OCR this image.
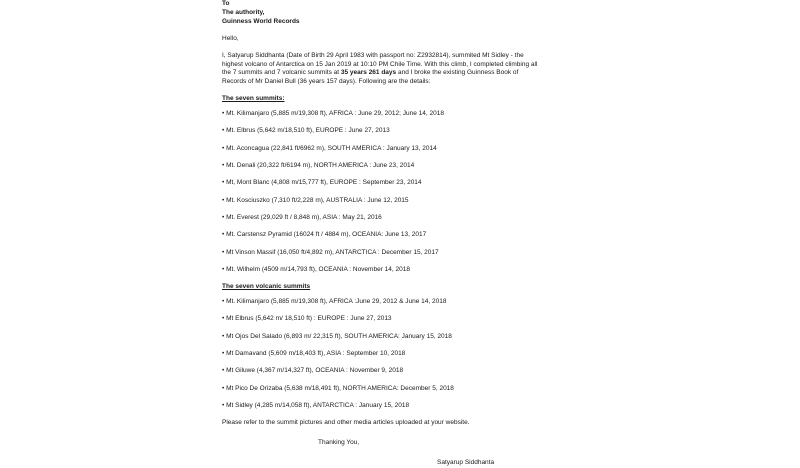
To
The authority,
Guinness World Records
Hello,
I, Satyarup Siddhanta (Date of Birth 29 April 1983 with passport no: Z2932814), summited Mt Sidley - the highest volcano of Antarctica on 15 Jan 2019 at 10:10 PM Chile Time. With this climb, I completed climbing all the 7 summits and 7 volcanic summits at 35 years 261 days and I broke the existing Guinness Book of Records of Mr Daniel Bull (36 years 157 days). Following are the details:
The seven summits:
• Mt. Kilimanjaro (5,885 m/19,308 ft), AFRICA : June 29, 2012; June 14, 2018
• Mt. Elbrus (5,642 m/18,510 ft), EUROPE : June 27, 2013
• Mt. Aconcagua (22,841 ft/6962 m), SOUTH AMERICA : January 13, 2014
• Mt. Denali (20,322 ft/6194 m), NORTH AMERICA : June 23, 2014
• Mt, Mont Blanc (4,808 m/15,777 ft), EUROPE : September 23, 2014
• Mt. Kosciuszko (7,310 ft/2,228 m), AUSTRALIA : June 12, 2015
• Mt. Everest (29,029 ft / 8,848 m), ASIA : May 21, 2016
• Mt. Carstensz Pyramid (16024 ft / 4884 m), OCEANIA: June 13, 2017
• Mt Vinson Massif (16,050 ft/4,892 m), ANTARCTICA : December 15, 2017
• Mt. Wilhelm (4509 m/14,793 ft), OCEANIA : November 14, 2018
The seven volcanic summits
• Mt. Kilimanjaro (5,885 m/19,308 ft), AFRICA :June 29, 2012 & June 14, 2018
• Mt Elbrus (5,642 m/ 18,510 ft) : EUROPE : June 27, 2013
• Mt Ojos Del Salado (6,893 m/ 22,315 ft), SOUTH AMERICA: January 15, 2018
• Mt Damavand (5,609 m/18,403 ft), ASIA : September 10, 2018
• Mt Giluwe (4,367 m/14,327 ft), OCEANIA : November 9, 2018
• Mt Pico De Orizaba (5,638 m/18,491 ft), NORTH AMERICA: December 5, 2018
• Mt Sidley (4,285 m/14,058 ft), ANTARCTICA : January 15, 2018
Please refer to the summit pictures and other media articles uploaded at your website.
Thanking You,
Satyarup Siddhanta
